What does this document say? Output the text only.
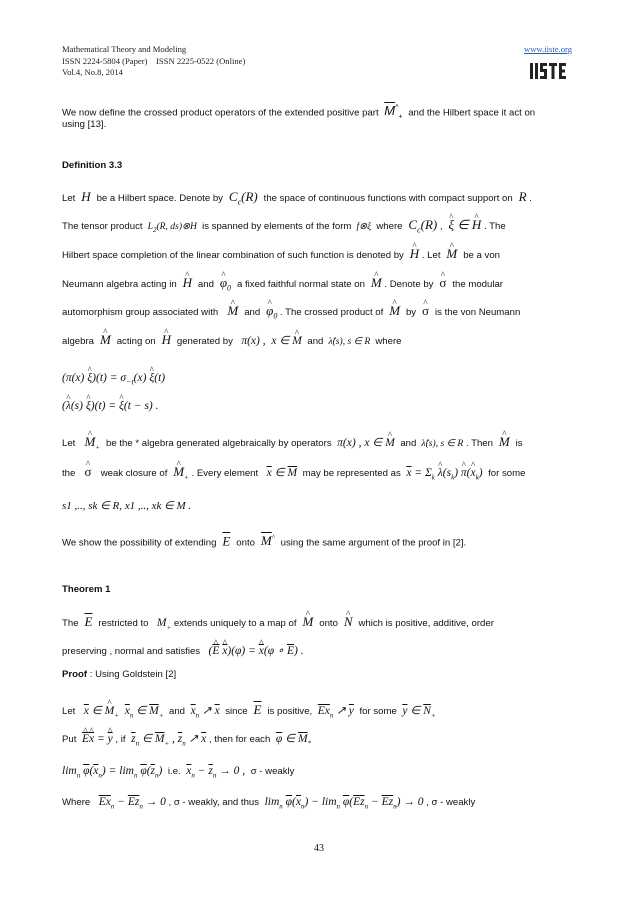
Mathematical Theory and Modeling
ISSN 2224-5804 (Paper)    ISSN 2225-0522 (Online)
Vol.4, No.8, 2014
www.iiste.org
We now define the crossed product operators of the extended positive part $\overline{M}^{\^{}}_+$ and the Hilbert space it act on
using [13].
Definition 3.3
Let  H  be a Hilbert space. Denote by  $C_c(R)$  the space of continuous functions with compact support on  R .
The tensor product  $L_2(R$, ds)⊗H  is spanned by elements of the form  f⊗ξ  where  $C_c(R)$ ,  ^ ξ ∈ ^ H . The
Hilbert space completion of the linear combination of such function is denoted by ^ H . Let ^ M be a von
Neumann algebra acting in ^ H and ^ $\varphi_0$ a fixed faithful normal state on ^ M . Denote by ^ σ the modular
automorphism group associated with ^ M and ^ $\varphi_0$ . The crossed product of ^ M by ^ σ is the von Neumann
algebra ^ $\overline{M}$ acting on ^ H generated by   π(x) ,  x ∈ ^ M and  λ̂(s), s ∈ R  where
(π(x) ^ $\xi)(t) = \sigma_{-t}(x)$ ^ ξ(t)
(^ λ(s) ^ ξ)(t) = ^ ξ(t − s) .
Let ^ $\overline{M}_+$ be the * algebra generated algebraically by operators  π(x) , x ∈ ^ M and  λ̂(s), s ∈ R . Then ^ $\overline{M}$ is
the ^ σ weak closure of ^ $\overline{M}_+$ . Every element $\overline{x}$ ∈ $\overline{M}$ may be represented as $\overline{x} = \Sigma_k$ ^ $\lambda(s_k)$ ^ π(^ $x_k$)  for some
s1 ,.., sk ∈ R, x1 ,.., xk ∈ M .
We show the possibility of extending $\overline{E}$ onto $\overline{M}^{\^{}}$ using the same argument of the proof in [2].
Theorem 1
The $\overline{E}$ restricted to   $M_+$ extends uniquely to a map of ^ $\overline{M}$ onto ^ $\overline{N}$ which is positive, additive, order
preserving , normal and satisfies   (^ $\overline{E}$ ^ $\overline{x})(\varphi)$ = ^ $\overline{x}(\varphi$ ∘ $\overline{E}$) .
Proof : Using Goldstein [2]
Let $\overline{x}$ ∈ ^ $\overline{M}_+$ $\overline{x}_n$ ∈ $\overline{M}_+$ and $\overline{x}_n$ ↗ $\overline{x}$ since $\overline{E}$ is positive, $\overline{Ex}_n$ ↗ $\overline{y}$ for some $\overline{y}$ ∈ $\overline{N}_+$
Put ^ $\overline{E}\^{}$ $\overline{x}$ = ^ $\overline{y}$ , if $\overline{z}_n$ ∈ $\overline{M}_+$ , $\overline{z}_n$ ↗ $\overline{x}$ , then for each $\overline{\varphi}$ ∈ $\overline{M}_*$
$\lim_n \overline{\varphi}(\overline{x}_n) = \lim_n \overline{\varphi}(\overline{z}_n)$  i.e. $\overline{x}_n - \overline{z}_n \to 0$ ,  σ - weakly
Where $\overline{Ex}_n - \overline{Ez}_n \to 0$ , σ - weakly, and thus  $\lim_n \overline{\varphi}(\overline{x}_n) - \lim_n \overline{\varphi}(\overline{Ez}_n - \overline{Ez}_n) \to 0$ , σ - weakly
43
